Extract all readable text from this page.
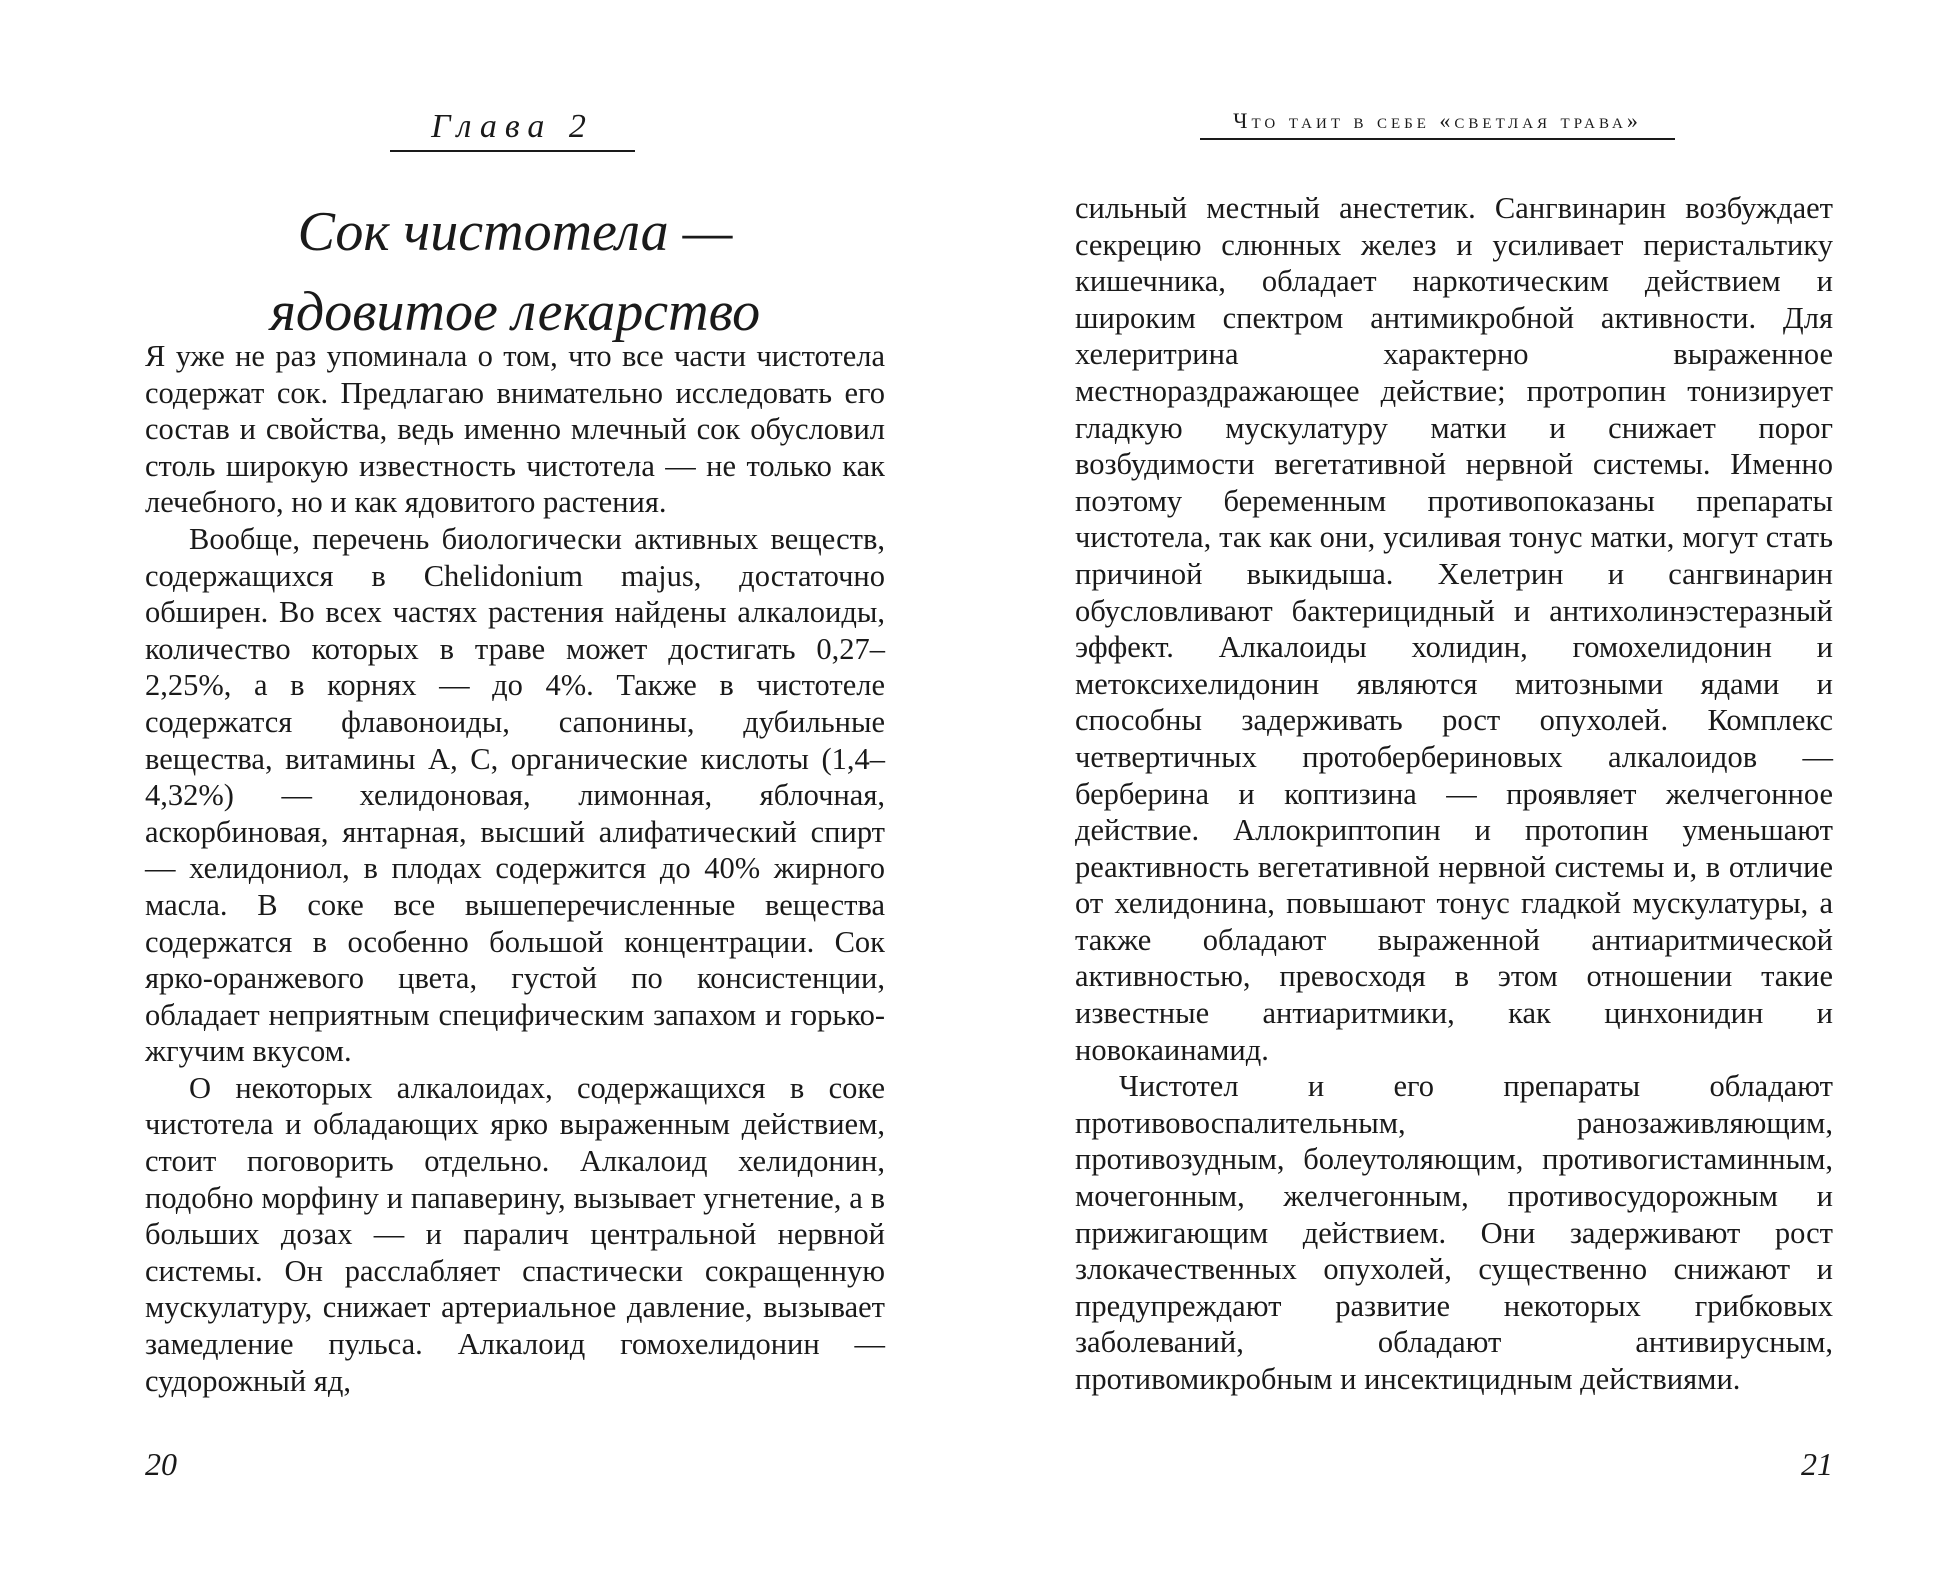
Глава 2
Сок чистотела —
ядовитое лекарство

Я уже не раз упоминала о том, что все части чистотела содержат сок. Предлагаю внимательно исследовать его состав и свойства, ведь именно млечный сок обусловил столь широкую известность чистотела — не только как лечебного, но и как ядовитого растения.

Вообще, перечень биологически активных веществ, содержащихся в Chelidonium majus, достаточно обширен. Во всех частях растения найдены алкалоиды, количество которых в траве может достигать 0,27–2,25%, а в корнях — до 4%. Также в чистотеле содержатся флавоноиды, сапонины, дубильные вещества, витамины А, С, органические кислоты (1,4–4,32%) — хелидоновая, лимонная, яблочная, аскорбиновая, янтарная, высший алифатический спирт — хелидониол, в плодах содержится до 40% жирного масла. В соке все вышеперечисленные вещества содержатся в особенно большой концентрации. Сок ярко-оранжевого цвета, густой по консистенции, обладает неприятным специфическим запахом и горько-жгучим вкусом.

О некоторых алкалоидах, содержащихся в соке чистотела и обладающих ярко выраженным действием, стоит поговорить отдельно. Алкалоид хелидонин, подобно морфину и папаверину, вызывает угнетение, а в больших дозах — и паралич центральной нервной системы. Он расслабляет спастически сокращенную мускулатуру, снижает артериальное давление, вызывает замедление пульса. Алкалоид гомохелидонин — судорожный яд,

20
Что таит в себе «светлая трава»

сильный местный анестетик. Сангвинарин возбуждает секрецию слюнных желез и усиливает перистальтику кишечника, обладает наркотическим действием и широким спектром антимикробной активности. Для хелеритрина характерно выраженное местнораздражающее действие; протропин тонизирует гладкую мускулатуру матки и снижает порог возбудимости вегетативной нервной системы. Именно поэтому беременным противопоказаны препараты чистотела, так как они, усиливая тонус матки, могут стать причиной выкидыша. Хелетрин и сангвинарин обусловливают бактерицидный и антихолинэстеразный эффект. Алкалоиды холидин, гомохелидонин и метоксихелидонин являются митозными ядами и способны задерживать рост опухолей. Комплекс четвертичных протобербериновых алкалоидов — берберина и коптизина — проявляет желчегонное действие. Аллокриптопин и протопин уменьшают реактивность вегетативной нервной системы и, в отличие от хелидонина, повышают тонус гладкой мускулатуры, а также обладают выраженной антиаритмической активностью, превосходя в этом отношении такие известные антиаритмики, как цинхонидин и новокаинамид.

Чистотел и его препараты обладают противовоспалительным, ранозаживляющим, противозудным, болеутоляющим, противогистаминным, мочегонным, желчегонным, противосудорожным и прижигающим действием. Они задерживают рост злокачественных опухолей, существенно снижают и предупреждают развитие некоторых грибковых заболеваний, обладают антивирусным, противомикробным и инсектицидным действиями.

21
